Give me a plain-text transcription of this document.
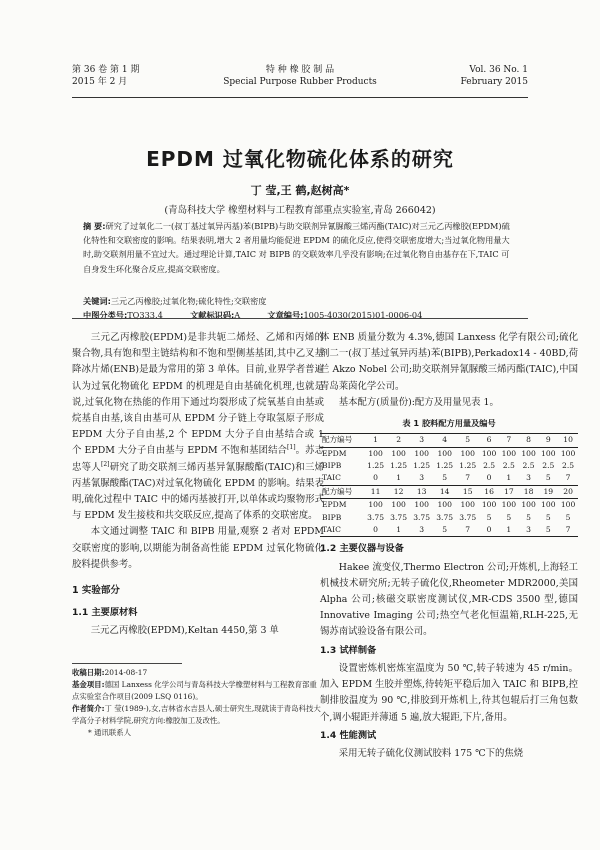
第 36 卷 第 1 期
2015 年 2 月
特 种 橡 胶 制 品
Special Purpose Rubber Products
Vol. 36 No. 1
February 2015
EPDM 过氧化物硫化体系的研究
丁 莹,王 鹤,赵树高*
(青岛科技大学 橡塑材料与工程教育部重点实验室,青岛 266042)
摘 要:研究了过氧化二一(叔丁基过氧异丙基)苯(BIPB)与助交联剂异氰脲酸三烯丙酯(TAIC)对三元乙丙橡胶(EPDM)硫化特性和交联密度的影响。结果表明,增大 2 者用量均能促进 EPDM 的硫化反应,使得交联密度增大;当过氧化物用量大时,助交联剂用量不宜过大。通过理论计算,TAIC 对 BIPB 的交联效率几乎没有影响;在过氧化物自由基存在下,TAIC 可自身发生环化聚合反应,提高交联密度。
关键词:三元乙丙橡胶;过氧化物;硫化特性;交联密度
中图分类号:TQ333.4	文献标识码:A	文章编号:1005-4030(2015)01-0006-04

三元乙丙橡胶(EPDM)是非共轭二烯烃、乙烯和丙烯的聚合物,具有饱和型主链结构和不饱和型侧基基团,其中乙叉基降冰片烯(ENB)是最为常用的第 3 单体。目前,业界学者普遍认为过氧化物硫化 EPDM 的机理是自由基硫化机理,也就是说,过氧化物在热能的作用下通过均裂形成了烷氧基自由基或烷基自由基,该自由基可从 EPDM 分子链上夺取氢原子形成 EPDM 大分子自由基,2 个 EPDM 大分子自由基结合或 1 个 EPDM 大分子自由基与 EPDM 不饱和基团结合[1]。苏志忠等人[2]研究了助交联剂三烯丙基异氰脲酸酯(TAIC)和三烯丙基氰脲酸酯(TAC)对过氧化物硫化 EPDM 的影响。结果表明,硫化过程中 TAIC 中的烯丙基被打开,以单体或均聚物形式与 EPDM 发生接枝和共交联反应,提高了体系的交联密度。

本文通过调整 TAIC 和 BIPB 用量,观察 2 者对 EPDM 交联密度的影响,以期能为制备高性能 EPDM 过氧化物硫化胶料提供参考。

1 实验部分
1.1 主要原材料

三元乙丙橡胶(EPDM),Keltan 4450,第 3 单

收稿日期:2014-08-17
基金项目:德国 Lanxess 化学公司与青岛科技大学橡塑材料与工程教育部重点实验室合作项目(2009 LSQ 0116)。
作者简介:丁 莹(1989-),女,吉林省水吉县人,硕士研究生,现就读于青岛科技大学高分子材料学院,研究方向:橡胶加工及改性。
* 通讯联系人

体 ENB 质量分数为 4.3%,德国 Lanxess 化学有限公司;硫化剂二一(叔丁基过氧异丙基)苯(BIPB),Perkadox14 - 40BD,荷兰 Akzo Nobel 公司;助交联剂异氰脲酸三烯丙酯(TAIC),中国青岛莱茵化学公司。

基本配方(质量份):配方及用量见表 1。

表 1 胶料配方用量及编号
配方编号	1	2	3	4	5	6	7	8	9	10
EPDM	100	100	100	100	100	100	100	100	100	100
BIPB	1.25	1.25	1.25	1.25	1.25	2.5	2.5	2.5	2.5	2.5
TAIC	0	1	3	5	7	0	1	3	5	7
配方编号	11	12	13	14	15	16	17	18	19	20
EPDM	100	100	100	100	100	100	100	100	100	100
BIPB	3.75	3.75	3.75	3.75	3.75	5	5	5	5	5
TAIC	0	1	3	5	7	0	1	3	5	7
1.2 主要仪器与设备

Hakee 流变仪,Thermo Electron 公司;开炼机,上海轻工机械技术研究所;无转子硫化仪,Rheometer MDR2000,美国 Alpha 公司;核磁交联密度测试仪,MR-CDS 3500 型,德国 Innovative Imaging 公司;热空气老化恒温箱,RLH-225,无锡苏南试验设备有限公司。

1.3 试样制备

设置密炼机密炼室温度为 50 ℃,转子转速为 45 r/min。加入 EPDM 生胶并塑炼,待转矩平稳后加入 TAIC 和 BIPB,控制排胶温度为 90 ℃,排胶到开炼机上,待其包辊后打三角包数个,调小辊距并薄通 5 遍,放大辊距,下片,备用。

1.4 性能测试

采用无转子硫化仪测试胶料 175 ℃下的焦烧
